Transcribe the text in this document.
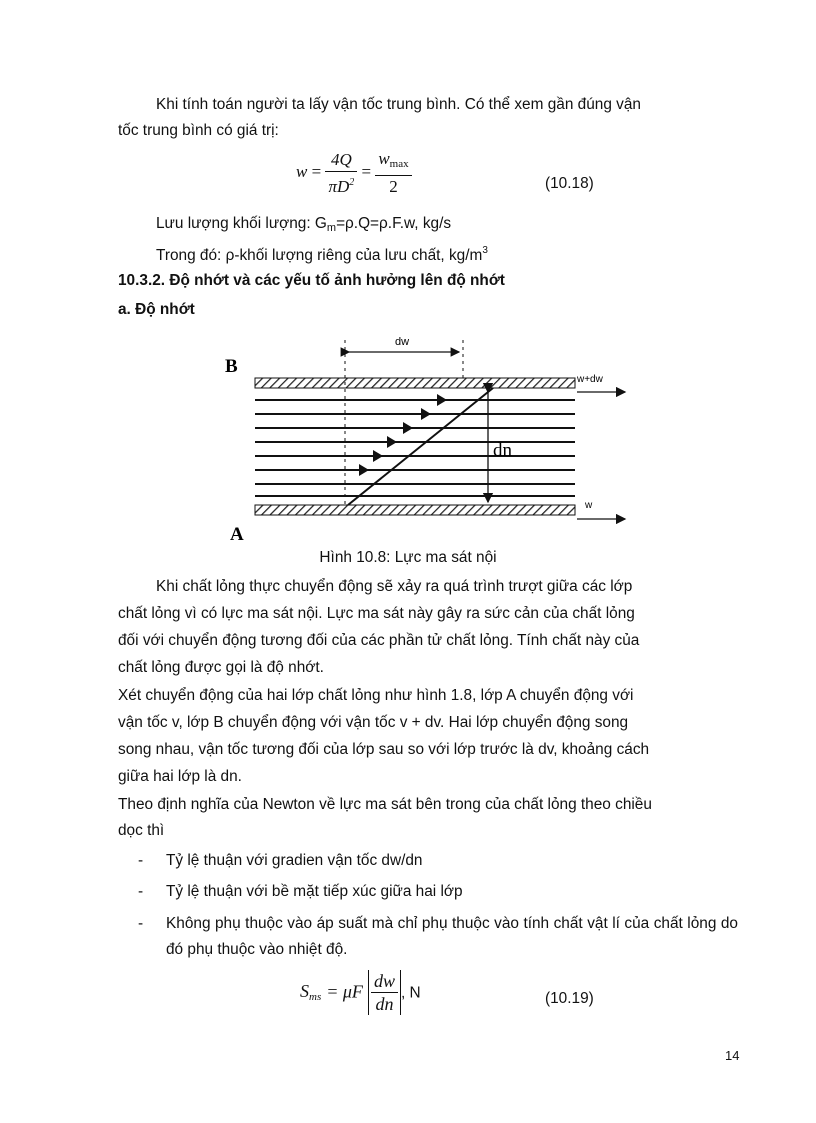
Khi tính toán người ta lấy vận tốc trung bình. Có thể xem gần đúng vận

tốc trung bình có giá trị:

$w = \frac{4Q}{\pi D^2} = \frac{w_{max}}{2}$	(10.18)

Lưu lượng khối lượng: $G_m=\rho.Q=\rho.F.w$, kg/s

Trong đó: ρ-khối lượng riêng của lưu chất, $kg/m^3$

10.3.2. Độ nhớt và các yếu tố ảnh hưởng lên độ nhớt

a. Độ nhớt

B
A
dw
dn
w+dw
w

Hình 10.8: Lực ma sát nội

Khi chất lỏng thực chuyển động sẽ xảy ra quá trình trượt giữa các lớp

chất lỏng vì có lực ma sát nội. Lực ma sát này gây ra sức cản của chất lỏng

đối với chuyển động tương đối của các phần tử chất lỏng. Tính chất này của

chất lỏng được gọi là độ nhớt.

Xét chuyển động của hai lớp chất lỏng như hình 1.8, lớp A chuyển động với

vận tốc v, lớp B chuyển động với vận tốc v + dv. Hai lớp chuyển động song

song nhau, vận tốc tương đối của lớp sau so với lớp trước là dv, khoảng cách

giữa hai lớp là dn.

Theo định nghĩa của Newton về lực ma sát bên trong của chất lỏng theo chiều

dọc thì

- Tỷ lệ thuận với gradien vận tốc dw/dn
- Tỷ lệ thuận với bề mặt tiếp xúc giữa hai lớp
- Không phụ thuộc vào áp suất mà chỉ phụ thuộc vào tính chất vật lí của chất lỏng do đó phụ thuộc vào nhiệt độ.
$S_{ms} = \mu F \frac{dw}{dn}$ , N	(10.19)
14
